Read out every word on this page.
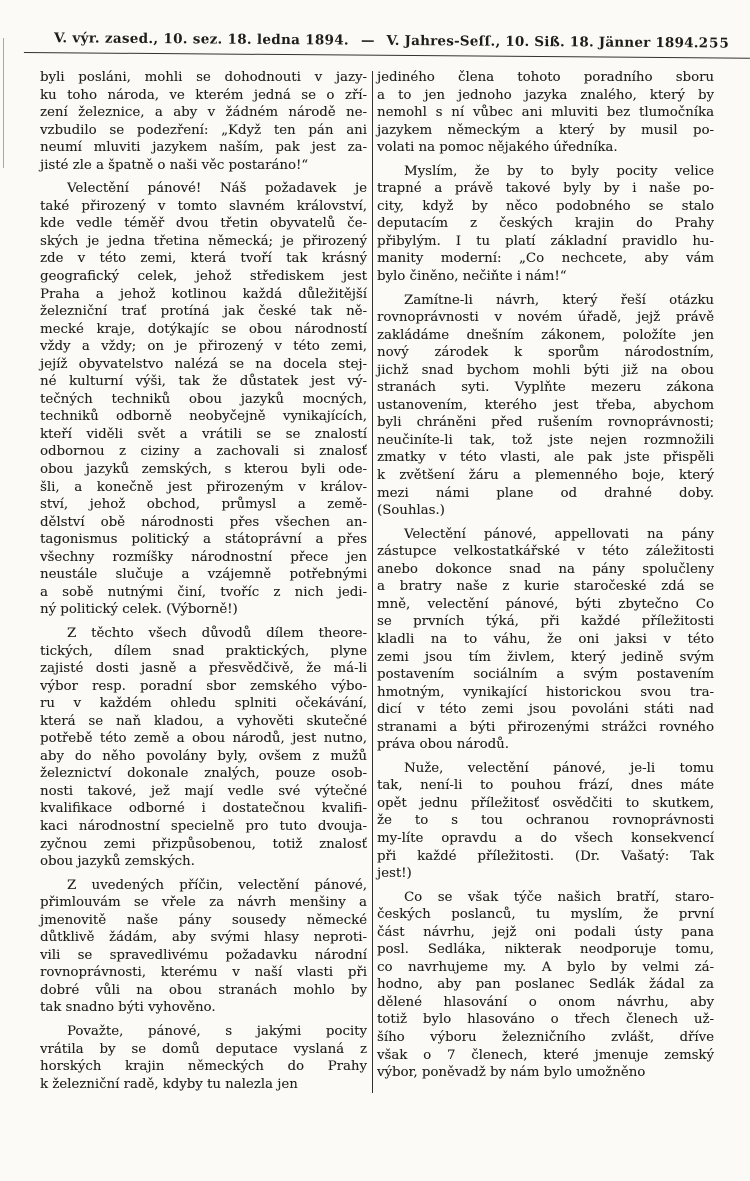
V. výr. zased., 10. sez. 18. ledna 1894. — V. Jahres-Seſſ., 10. Siß. 18. Jänner 1894. 255
byli posláni, mohli se dohodnouti v jazy-
ku toho národa, ve kterém jedná se o zří-
zení železnice, a aby v žádném národě ne-
vzbudilo se podezření: „Když ten pán ani
neumí mluviti jazykem naším, pak jest za-
jisté zle a špatně o naši věc postaráno!“
Velectění pánové! Náš požadavek je
také přirozený v tomto slavném království,
kde vedle téměř dvou třetin obyvatelů če-
ských je jedna třetina německá; je přirozený
zde v této zemi, která tvoří tak krásný
geografický celek, jehož střediskem jest
Praha a jehož kotlinou každá důležitější
železniční trať protíná jak české tak ně-
mecké kraje, dotýkajíc se obou národností
vždy a vždy; on je přirozený v této zemi,
jejíž obyvatelstvo nalézá se na docela stej-
né kulturní výši, tak že důstatek jest vý-
tečných techniků obou jazyků mocných,
techniků odborně neobyčejně vynikajících,
kteří viděli svět a vrátili se se znalostí
odbornou z ciziny a zachovali si znalosť
obou jazyků zemských, s kterou byli ode-
šli, a konečně jest přirozeným v králov-
ství, jehož obchod, průmysl a země-
dělství obě národnosti přes všechen an-
tagonismus politický a státoprávní a přes
všechny rozmíšky národnostní přece jen
neustále slučuje a vzájemně potřebnými
a sobě nutnými činí, tvoříc z nich jedi-
ný politický celek. (Výborně!)
Z těchto všech důvodů dílem theore-
tických, dílem snad praktických, plyne
zajisté dosti jasně a přesvědčivě, že má-li
výbor resp. poradní sbor zemského výbo-
ru v každém ohledu splniti očekávání,
která se naň kladou, a vyhověti skutečné
potřebě této země a obou národů, jest nutno,
aby do něho povolány byly, ovšem z mužů
železnictví dokonale znalých, pouze osob-
nosti takové, jež mají vedle své výtečné
kvalifikace odborné i dostatečnou kvalifi-
kaci národnostní specielně pro tuto dvouja-
zyčnou zemi přizpůsobenou, totiž znalosť
obou jazyků zemských.
Z uvedených příčin, velectění pánové,
přimlouvám se vřele za návrh menšiny a
jmenovitě naše pány sousedy německé
důtklivě žádám, aby svými hlasy neproti-
vili se spravedlivému požadavku národní
rovnoprávnosti, kterému v naší vlasti při
dobré vůli na obou stranách mohlo by
tak snadno býti vyhověno.
Považte, pánové, s jakými pocity
vrátila by se domů deputace vyslaná z
horských krajin německých do Prahy
k železniční radě, kdyby tu nalezla jen
jediného člena tohoto poradního sboru
a to jen jednoho jazyka znalého, který by
nemohl s ní vůbec ani mluviti bez tlumočníka
jazykem německým a který by musil po-
volati na pomoc nějakého úředníka.
Myslím, že by to byly pocity velice
trapné a právě takové byly by i naše po-
city, když by něco podobného se stalo
deputacím z českých krajin do Prahy
přibylým. I tu platí základní pravidlo hu-
manity moderní: „Co nechcete, aby vám
bylo činěno, nečiňte i nám!“
Zamítne-li návrh, který řeší otázku
rovnoprávnosti v novém úřadě, jejž právě
zakládáme dnešním zákonem, položíte jen
nový zárodek k sporům národostním,
jichž snad bychom mohli býti již na obou
stranách syti. Vyplňte mezeru zákona
ustanovením, kterého jest třeba, abychom
byli chráněni před rušením rovnoprávnosti;
neučiníte-li tak, tož jste nejen rozmnožili
zmatky v této vlasti, ale pak jste přispěli
k zvětšení žáru a plemenného boje, který
mezi námi plane od drahné doby.
(Souhlas.)
Velectění pánové, appellovati na pány
zástupce velkostatkářské v této záležitosti
anebo dokonce snad na pány spolučleny
a bratry naše z kurie staročeské zdá se
mně, velectění pánové, býti zbytečno Co
se prvních týká, při každé příležitosti
kladli na to váhu, že oni jaksi v této
zemi jsou tím živlem, který jedině svým
postavením sociálním a svým postavením
hmotným, vynikající historickou svou tra-
dicí v této zemi jsou povoláni státi nad
stranami a býti přirozenými strážci rovného
práva obou národů.
Nuže, velectění pánové, je-li tomu
tak, není-li to pouhou frází, dnes máte
opět jednu příležitosť osvědčiti to skutkem,
že to s tou ochranou rovnoprávnosti
my-líte opravdu a do všech konsekvencí
při každé příležitosti. (Dr. Vašatý: Tak
jest!)
Co se však týče našich bratří, staro-
českých poslanců, tu myslím, že první
část návrhu, jejž oni podali ústy pana
posl. Sedláka, nikterak neodporuje tomu,
co navrhujeme my. A bylo by velmi zá-
hodno, aby pan poslanec Sedlák žádal za
dělené hlasování o onom návrhu, aby
totiž bylo hlasováno o třech členech už-
šího výboru železničního zvlášt, dříve
však o 7 členech, které jmenuje zemský
výbor, poněvadž by nám bylo umožněno
